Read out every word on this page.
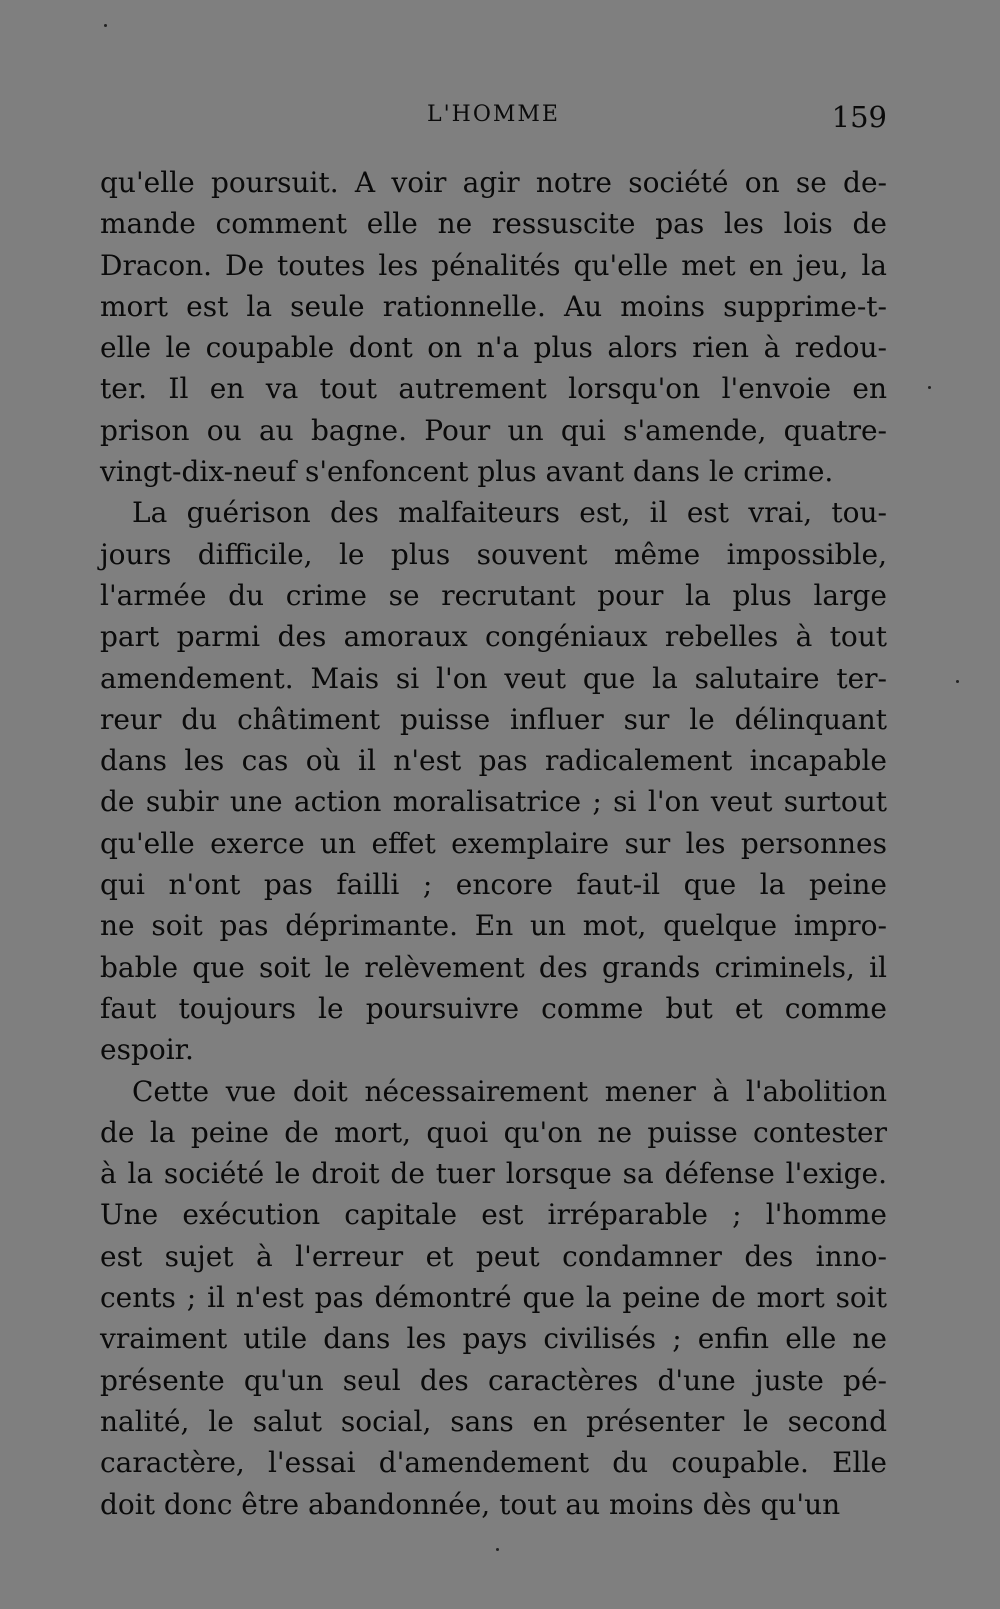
L'HOMME	159
qu'elle poursuit. A voir agir notre société on se de-
mande comment elle ne ressuscite pas les lois de
Dracon. De toutes les pénalités qu'elle met en jeu, la
mort est la seule rationnelle. Au moins supprime-t-
elle le coupable dont on n'a plus alors rien à redou-
ter. Il en va tout autrement lorsqu'on l'envoie en
prison ou au bagne. Pour un qui s'amende, quatre-
vingt-dix-neuf s'enfoncent plus avant dans le crime.
La guérison des malfaiteurs est, il est vrai, tou-
jours difficile, le plus souvent même impossible,
l'armée du crime se recrutant pour la plus large
part parmi des amoraux congéniaux rebelles à tout
amendement. Mais si l'on veut que la salutaire ter-
reur du châtiment puisse influer sur le délinquant
dans les cas où il n'est pas radicalement incapable
de subir une action moralisatrice ; si l'on veut surtout
qu'elle exerce un effet exemplaire sur les personnes
qui n'ont pas failli ; encore faut-il que la peine
ne soit pas déprimante. En un mot, quelque impro-
bable que soit le relèvement des grands criminels, il
faut toujours le poursuivre comme but et comme
espoir.
Cette vue doit nécessairement mener à l'abolition
de la peine de mort, quoi qu'on ne puisse contester
à la société le droit de tuer lorsque sa défense l'exige.
Une exécution capitale est irréparable ; l'homme
est sujet à l'erreur et peut condamner des inno-
cents ; il n'est pas démontré que la peine de mort soit
vraiment utile dans les pays civilisés ; enfin elle ne
présente qu'un seul des caractères d'une juste pé-
nalité, le salut social, sans en présenter le second
caractère, l'essai d'amendement du coupable. Elle
doit donc être abandonnée, tout au moins dès qu'un
